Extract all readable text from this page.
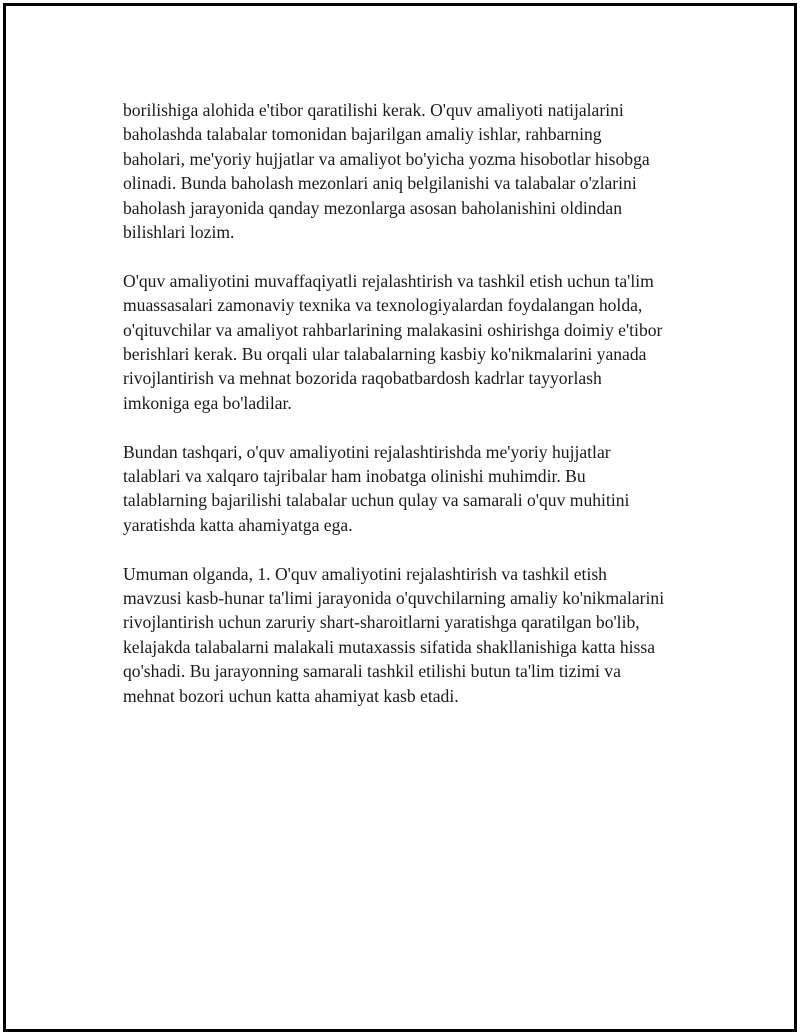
borilishiga alohida e'tibor qaratilishi kerak. O'quv amaliyoti natijalarini
baholashda talabalar tomonidan bajarilgan amaliy ishlar, rahbarning
baholari, me'yoriy hujjatlar va amaliyot bo'yicha yozma hisobotlar hisobga
olinadi. Bunda baholash mezonlari aniq belgilanishi va talabalar o'zlarini
baholash jarayonida qanday mezonlarga asosan baholanishini oldindan
bilishlari lozim.

O'quv amaliyotini muvaffaqiyatli rejalashtirish va tashkil etish uchun ta'lim
muassasalari zamonaviy texnika va texnologiyalardan foydalangan holda,
o'qituvchilar va amaliyot rahbarlarining malakasini oshirishga doimiy e'tibor
berishlari kerak. Bu orqali ular talabalarning kasbiy ko'nikmalarini yanada
rivojlantirish va mehnat bozorida raqobatbardosh kadrlar tayyorlash
imkoniga ega bo'ladilar.

Bundan tashqari, o'quv amaliyotini rejalashtirishda me'yoriy hujjatlar
talablari va xalqaro tajribalar ham inobatga olinishi muhimdir. Bu
talablarning bajarilishi talabalar uchun qulay va samarali o'quv muhitini
yaratishda katta ahamiyatga ega.

Umuman olganda, 1. O'quv amaliyotini rejalashtirish va tashkil etish
mavzusi kasb-hunar ta'limi jarayonida o'quvchilarning amaliy ko'nikmalarini
rivojlantirish uchun zaruriy shart-sharoitlarni yaratishga qaratilgan bo'lib,
kelajakda talabalarni malakali mutaxassis sifatida shakllanishiga katta hissa
qo'shadi. Bu jarayonning samarali tashkil etilishi butun ta'lim tizimi va
mehnat bozori uchun katta ahamiyat kasb etadi.
